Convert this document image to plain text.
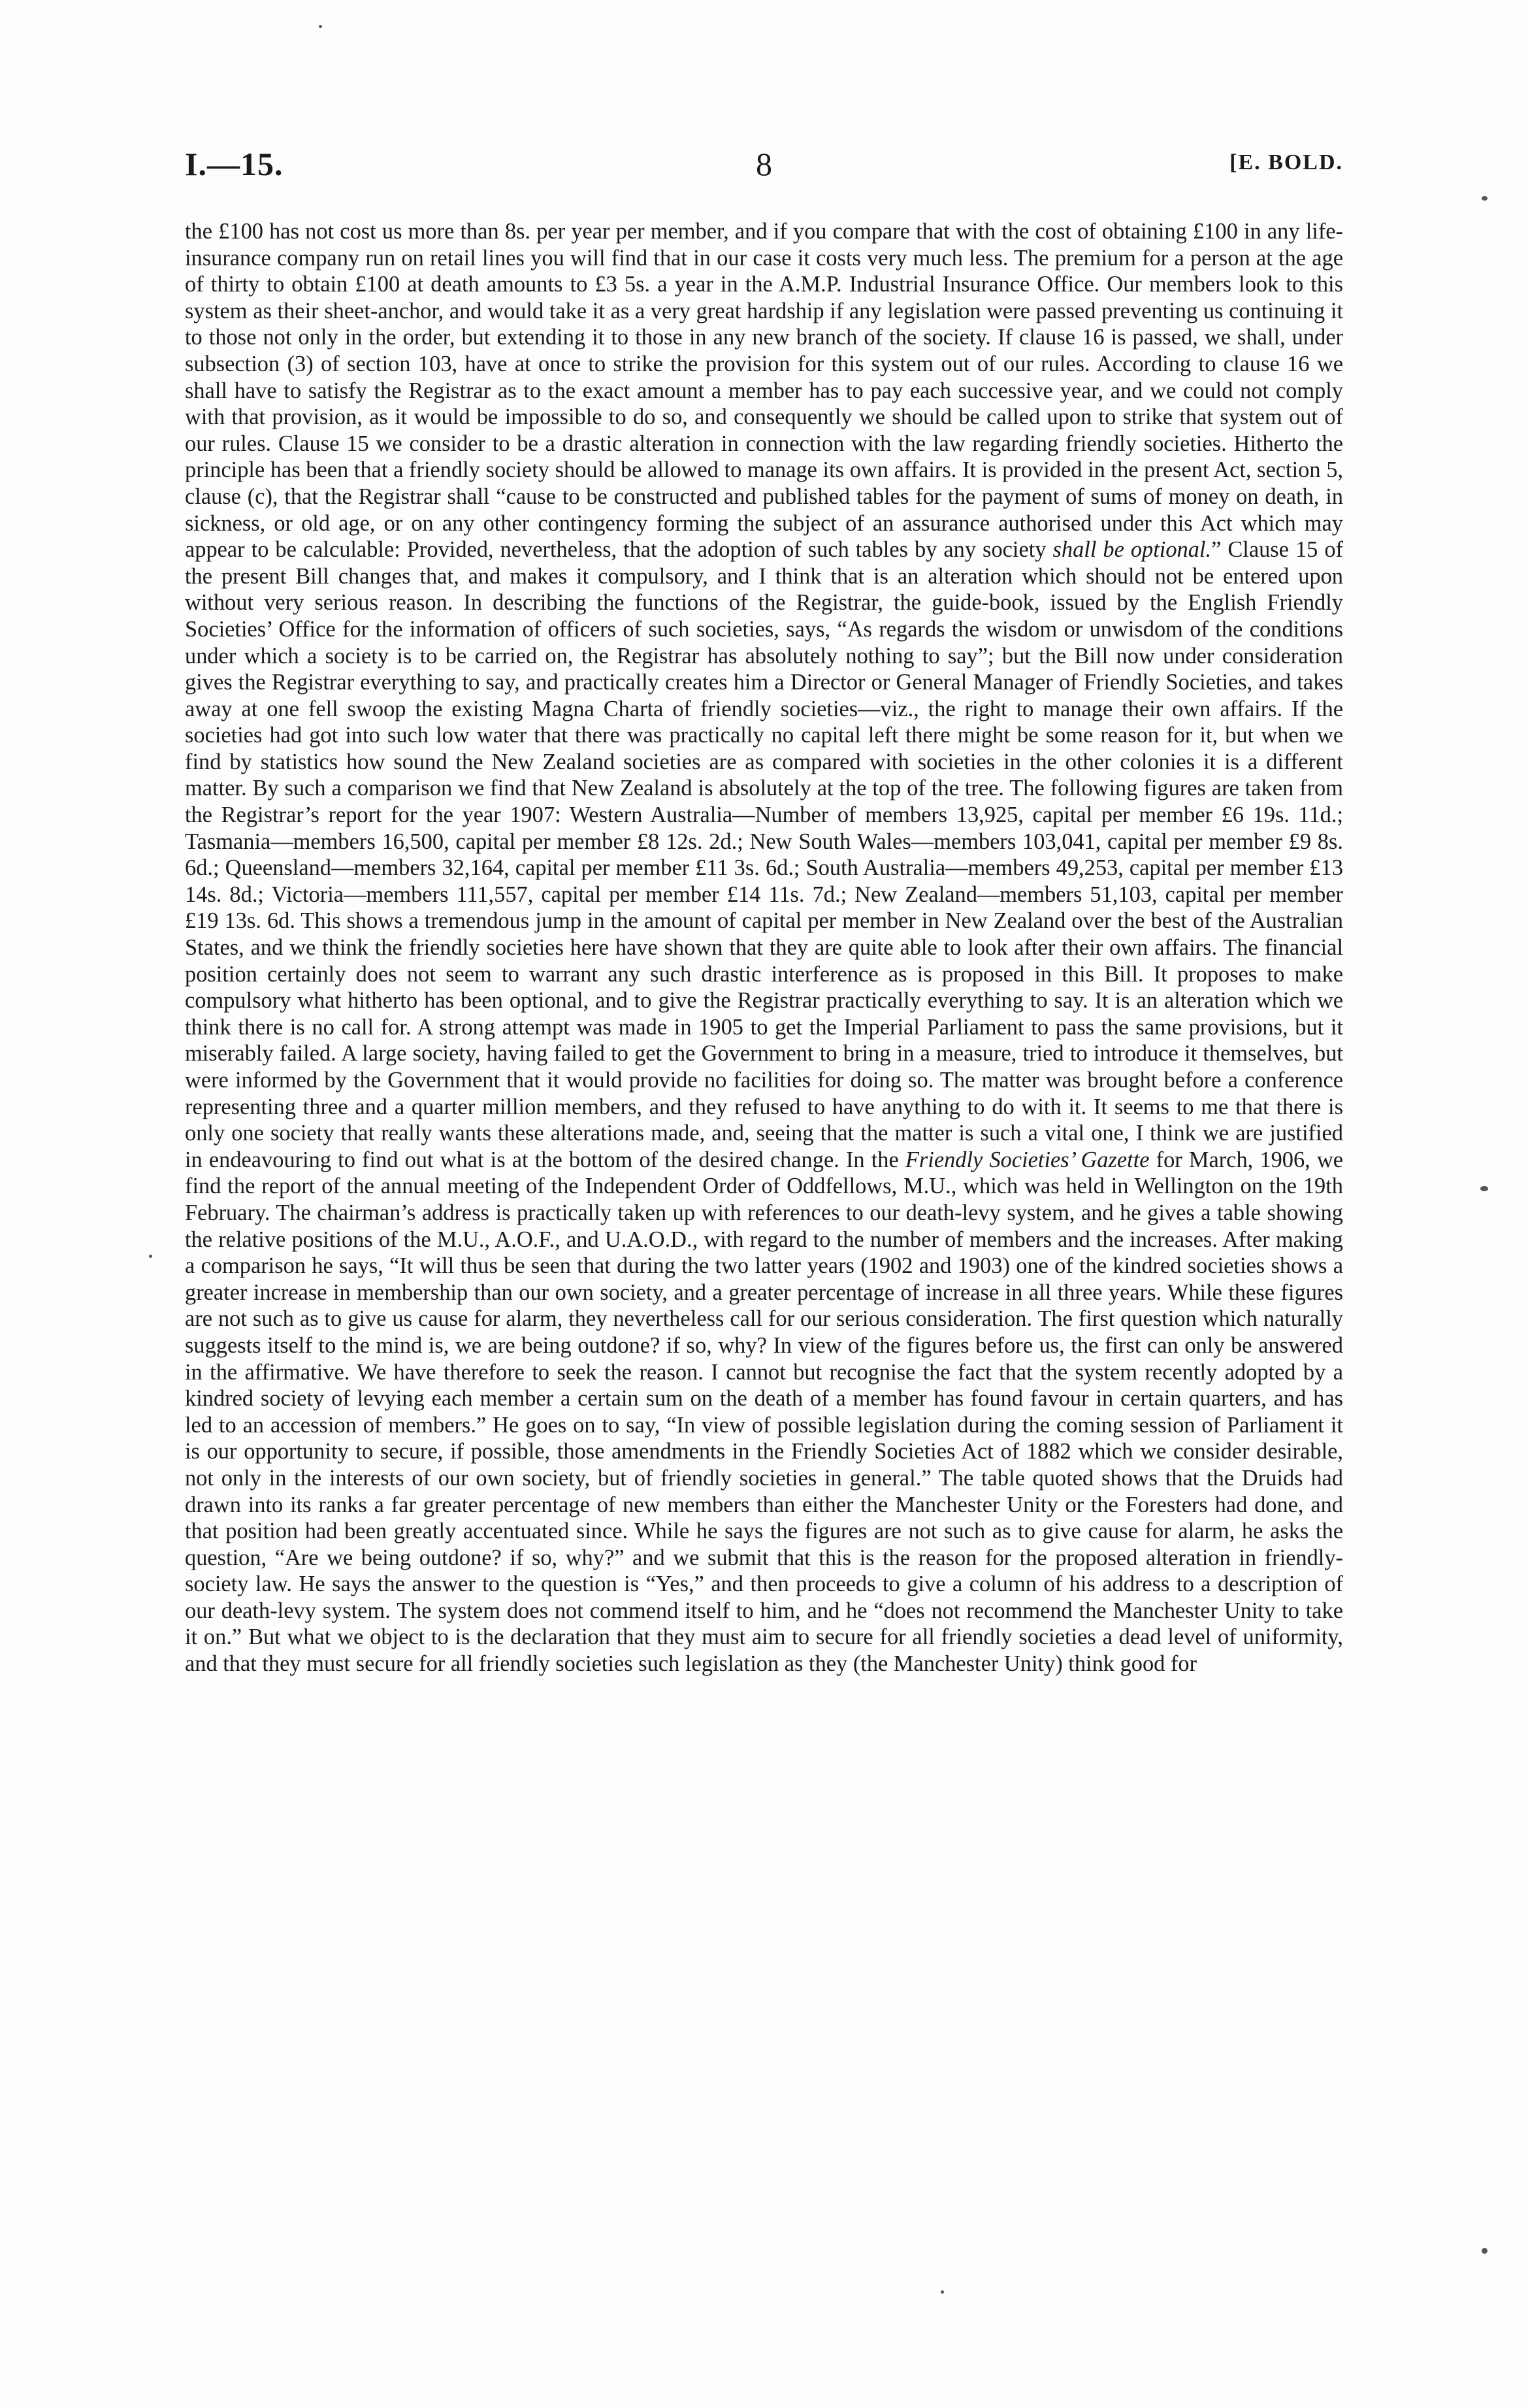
I.—15.	8	[E. BOLD.
the £100 has not cost us more than 8s. per year per member, and if you compare that with the cost of obtaining £100 in any life-insurance company run on retail lines you will find that in our case it costs very much less. The premium for a person at the age of thirty to obtain £100 at death amounts to £3 5s. a year in the A.M.P. Industrial Insurance Office. Our members look to this system as their sheet-anchor, and would take it as a very great hardship if any legislation were passed preventing us continuing it to those not only in the order, but extending it to those in any new branch of the society. If clause 16 is passed, we shall, under subsection (3) of section 103, have at once to strike the provision for this system out of our rules. According to clause 16 we shall have to satisfy the Registrar as to the exact amount a member has to pay each successive year, and we could not comply with that provision, as it would be impossible to do so, and consequently we should be called upon to strike that system out of our rules. Clause 15 we consider to be a drastic alteration in connection with the law regarding friendly societies. Hitherto the principle has been that a friendly society should be allowed to manage its own affairs. It is provided in the present Act, section 5, clause (c), that the Registrar shall “cause to be constructed and published tables for the payment of sums of money on death, in sickness, or old age, or on any other contingency forming the subject of an assurance authorised under this Act which may appear to be calculable: Provided, nevertheless, that the adoption of such tables by any society shall be optional.” Clause 15 of the present Bill changes that, and makes it compulsory, and I think that is an alteration which should not be entered upon without very serious reason. In describing the functions of the Registrar, the guide-book, issued by the English Friendly Societies’ Office for the information of officers of such societies, says, “As regards the wisdom or unwisdom of the conditions under which a society is to be carried on, the Registrar has absolutely nothing to say”; but the Bill now under consideration gives the Registrar everything to say, and practically creates him a Director or General Manager of Friendly Societies, and takes away at one fell swoop the existing Magna Charta of friendly societies—viz., the right to manage their own affairs. If the societies had got into such low water that there was practically no capital left there might be some reason for it, but when we find by statistics how sound the New Zealand societies are as compared with societies in the other colonies it is a different matter. By such a comparison we find that New Zealand is absolutely at the top of the tree. The following figures are taken from the Registrar’s report for the year 1907: Western Australia—Number of members 13,925, capital per member £6 19s. 11d.; Tasmania—members 16,500, capital per member £8 12s. 2d.; New South Wales—members 103,041, capital per member £9 8s. 6d.; Queensland—members 32,164, capital per member £11 3s. 6d.; South Australia—members 49,253, capital per member £13 14s. 8d.; Victoria—members 111,557, capital per member £14 11s. 7d.; New Zealand—members 51,103, capital per member £19 13s. 6d. This shows a tremendous jump in the amount of capital per member in New Zealand over the best of the Australian States, and we think the friendly societies here have shown that they are quite able to look after their own affairs. The financial position certainly does not seem to warrant any such drastic interference as is proposed in this Bill. It proposes to make compulsory what hitherto has been optional, and to give the Registrar practically everything to say. It is an alteration which we think there is no call for. A strong attempt was made in 1905 to get the Imperial Parliament to pass the same provisions, but it miserably failed. A large society, having failed to get the Government to bring in a measure, tried to introduce it themselves, but were informed by the Government that it would provide no facilities for doing so. The matter was brought before a conference representing three and a quarter million members, and they refused to have anything to do with it. It seems to me that there is only one society that really wants these alterations made, and, seeing that the matter is such a vital one, I think we are justified in endeavouring to find out what is at the bottom of the desired change. In the Friendly Societies’ Gazette for March, 1906, we find the report of the annual meeting of the Independent Order of Oddfellows, M.U., which was held in Wellington on the 19th February. The chairman’s address is practically taken up with references to our death-levy system, and he gives a table showing the relative positions of the M.U., A.O.F., and U.A.O.D., with regard to the number of members and the increases. After making a comparison he says, “It will thus be seen that during the two latter years (1902 and 1903) one of the kindred societies shows a greater increase in membership than our own society, and a greater percentage of increase in all three years. While these figures are not such as to give us cause for alarm, they nevertheless call for our serious consideration. The first question which naturally suggests itself to the mind is, we are being outdone? if so, why? In view of the figures before us, the first can only be answered in the affirmative. We have therefore to seek the reason. I cannot but recognise the fact that the system recently adopted by a kindred society of levying each member a certain sum on the death of a member has found favour in certain quarters, and has led to an accession of members.” He goes on to say, “In view of possible legislation during the coming session of Parliament it is our opportunity to secure, if possible, those amendments in the Friendly Societies Act of 1882 which we consider desirable, not only in the interests of our own society, but of friendly societies in general.” The table quoted shows that the Druids had drawn into its ranks a far greater percentage of new members than either the Manchester Unity or the Foresters had done, and that position had been greatly accentuated since. While he says the figures are not such as to give cause for alarm, he asks the question, “Are we being outdone? if so, why?” and we submit that this is the reason for the proposed alteration in friendly-society law. He says the answer to the question is “Yes,” and then proceeds to give a column of his address to a description of our death-levy system. The system does not commend itself to him, and he “does not recommend the Manchester Unity to take it on.” But what we object to is the declaration that they must aim to secure for all friendly societies a dead level of uniformity, and that they must secure for all friendly societies such legislation as they (the Manchester Unity) think good for
